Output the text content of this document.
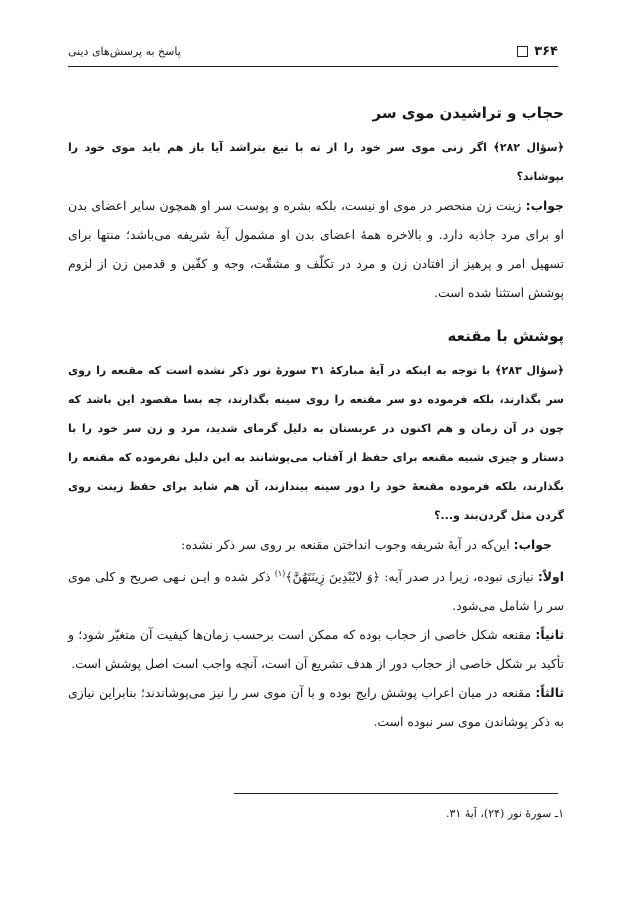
۳۶۴
پاسخ به پرسش‌های دینی
حجاب و تراشیدن موی سر

﴿سؤال ۲۸۲﴾ اگر زنی موی سر خود را از ته با تیغ بتراشد آیا باز هم باید موی خود را بپوشاند؟

جواب: زینت زن منحصر در موی او نیست، بلکه بشره و پوست سر او همچون سایر اعضای بدن او برای مرد جاذبه دارد. و بالاخره همهٔ اعضای بدن او مشمول آیهٔ شریفه می‌باشد؛ منتها برای تسهیل امر و پرهیز از افتادن زن و مرد در تکلّف و مشقّت، وجه و کفّین و قدمین زن از لزوم پوشش استثنا شده است.

پوشش با مقنعه

﴿سؤال ۲۸۳﴾ با توجه به اینکه در آیهٔ مبارکهٔ ۳۱ سورهٔ نور ذکر نشده است که مقنعه را روی سر بگذارند، بلکه فرموده دو سر مقنعه را روی سینه بگذارند، چه بسا مقصود این باشد که چون در آن زمان و هم اکنون در عربستان به دلیل گرمای شدید، مرد و زن سر خود را با دستار و چیزی شبیه مقنعه برای حفظ از آفتاب می‌پوشانند به این دلیل نفرموده که مقنعه را بگذارند، بلکه فرموده مقنعهٔ خود را دور سینه بیندازند، آن هم شاید برای حفظ زینت روی گردن مثل گردن‌بند و...؟

جواب: این‌که در آیهٔ شریفه وجوب انداختن مقنعه بر روی سر ذکر نشده:

اولاً: نیازی نبوده، زیرا در صدر آیه: ﴿وَ لايُبْدِينَ زِينَتَهُنَّ﴾$^{(۱)}$ ذکر شده و ایـن نـهی صریح و کلی موی سر را شامل می‌شود.

ثانیاً: مقنعه شکل خاصی از حجاب بوده که ممکن است برحسب زمان‌ها کیفیت آن متغیّر شود؛ و تأکید بر شکل خاصی از حجاب دور از هدف تشریع آن است، آنچه واجب است اصل پوشش است.

ثالثاً: مقنعه در میان اعراب پوشش رایج بوده و با آن موی سر را نیز می‌پوشاندند؛ بنابراین نیازی به ذکر پوشاندن موی سر نبوده است.

۱ـ سورهٔ نور (۲۴)، آیهٔ ۳۱.
